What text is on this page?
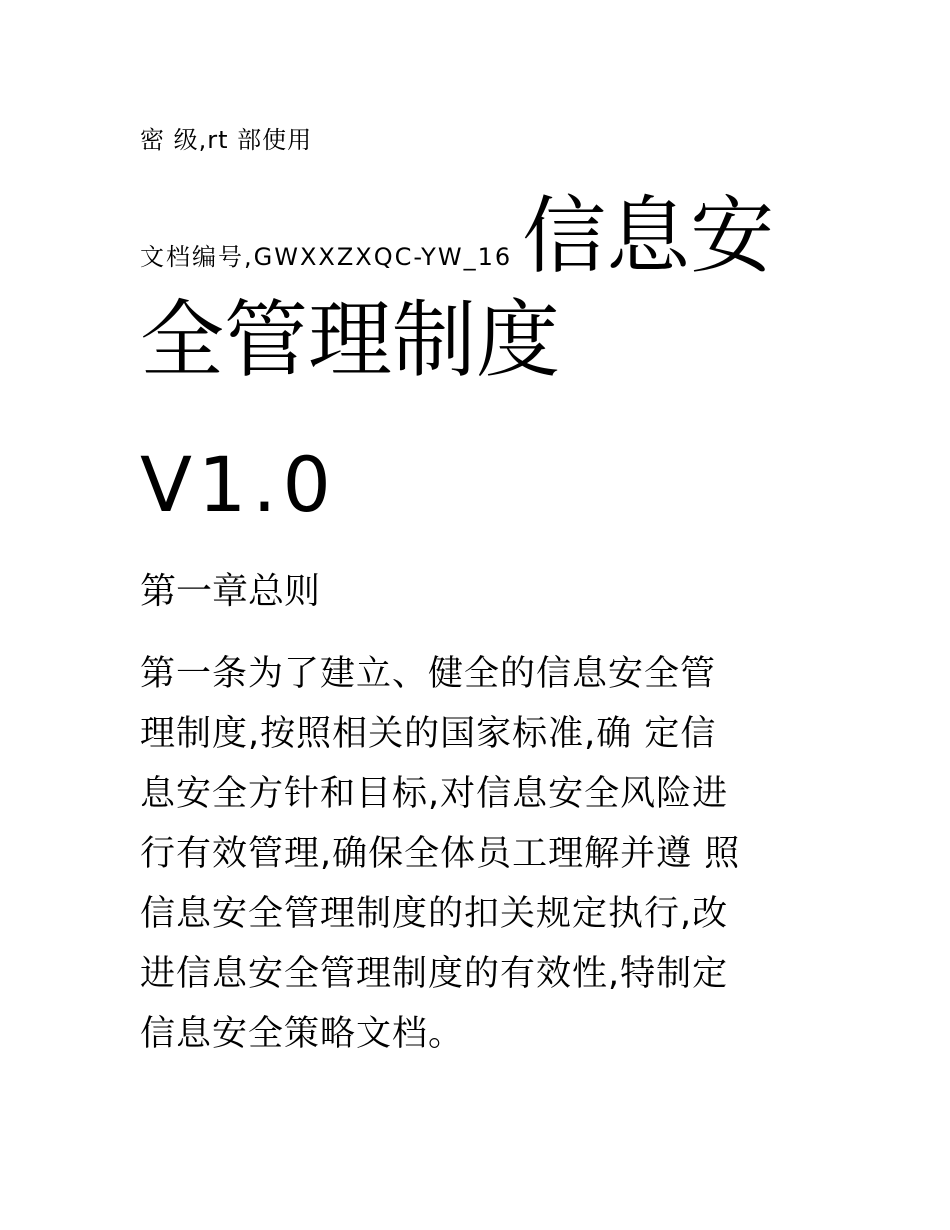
密 级,rt 部使用
文档编号,GWXXZXQC-YW_16 信息安
全管理制度
V1.0
第一章总则
第一条为了建立、健全的信息安全管
理制度,按照相关的国家标准,确 定信
息安全方针和目标,对信息安全风险进
行有效管理,确保全体员工理解并遵 照
信息安全管理制度的扣关规定执行,改
进信息安全管理制度的有效性,特制定
信息安全策略文档。
